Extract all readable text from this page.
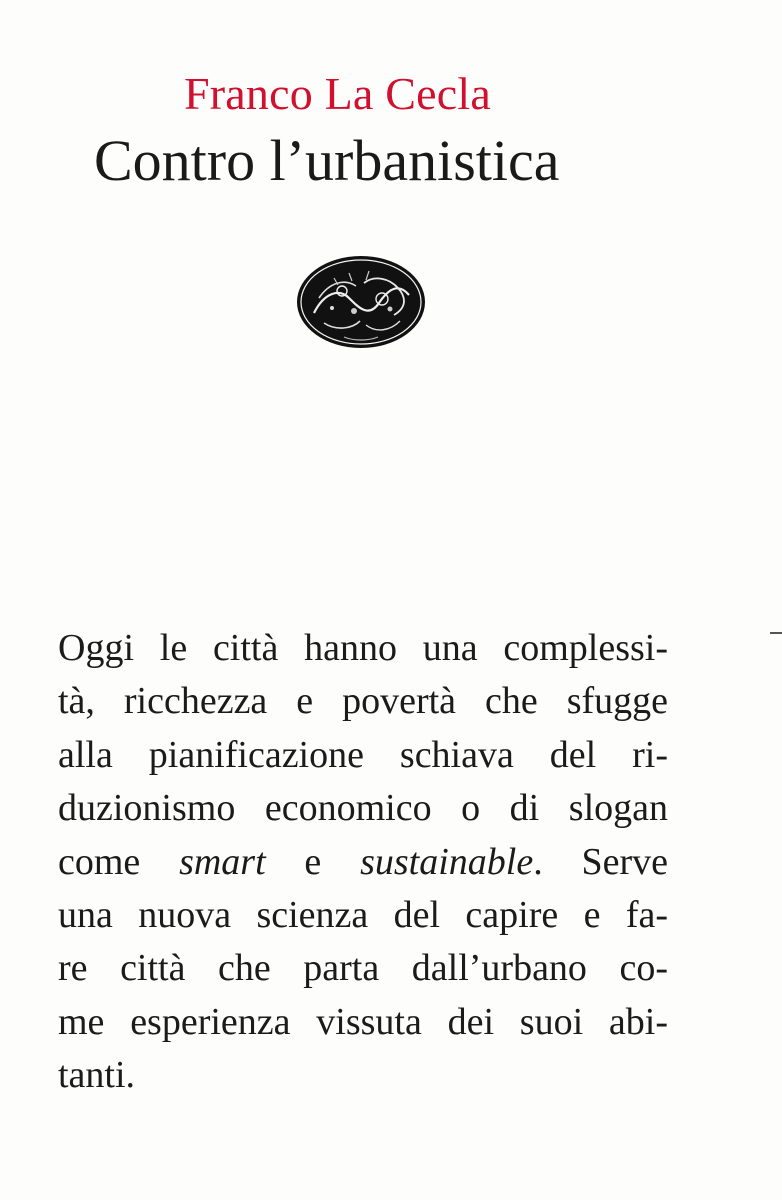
Franco La Cecla
Contro l’urbanistica
Oggi le città hanno una complessi-
tà, ricchezza e povertà che sfugge
alla pianificazione schiava del ri-
duzionismo economico o di slogan
come smart e sustainable. Serve
una nuova scienza del capire e fa-
re città che parta dall’urbano co-
me esperienza vissuta dei suoi abi-
tanti.
